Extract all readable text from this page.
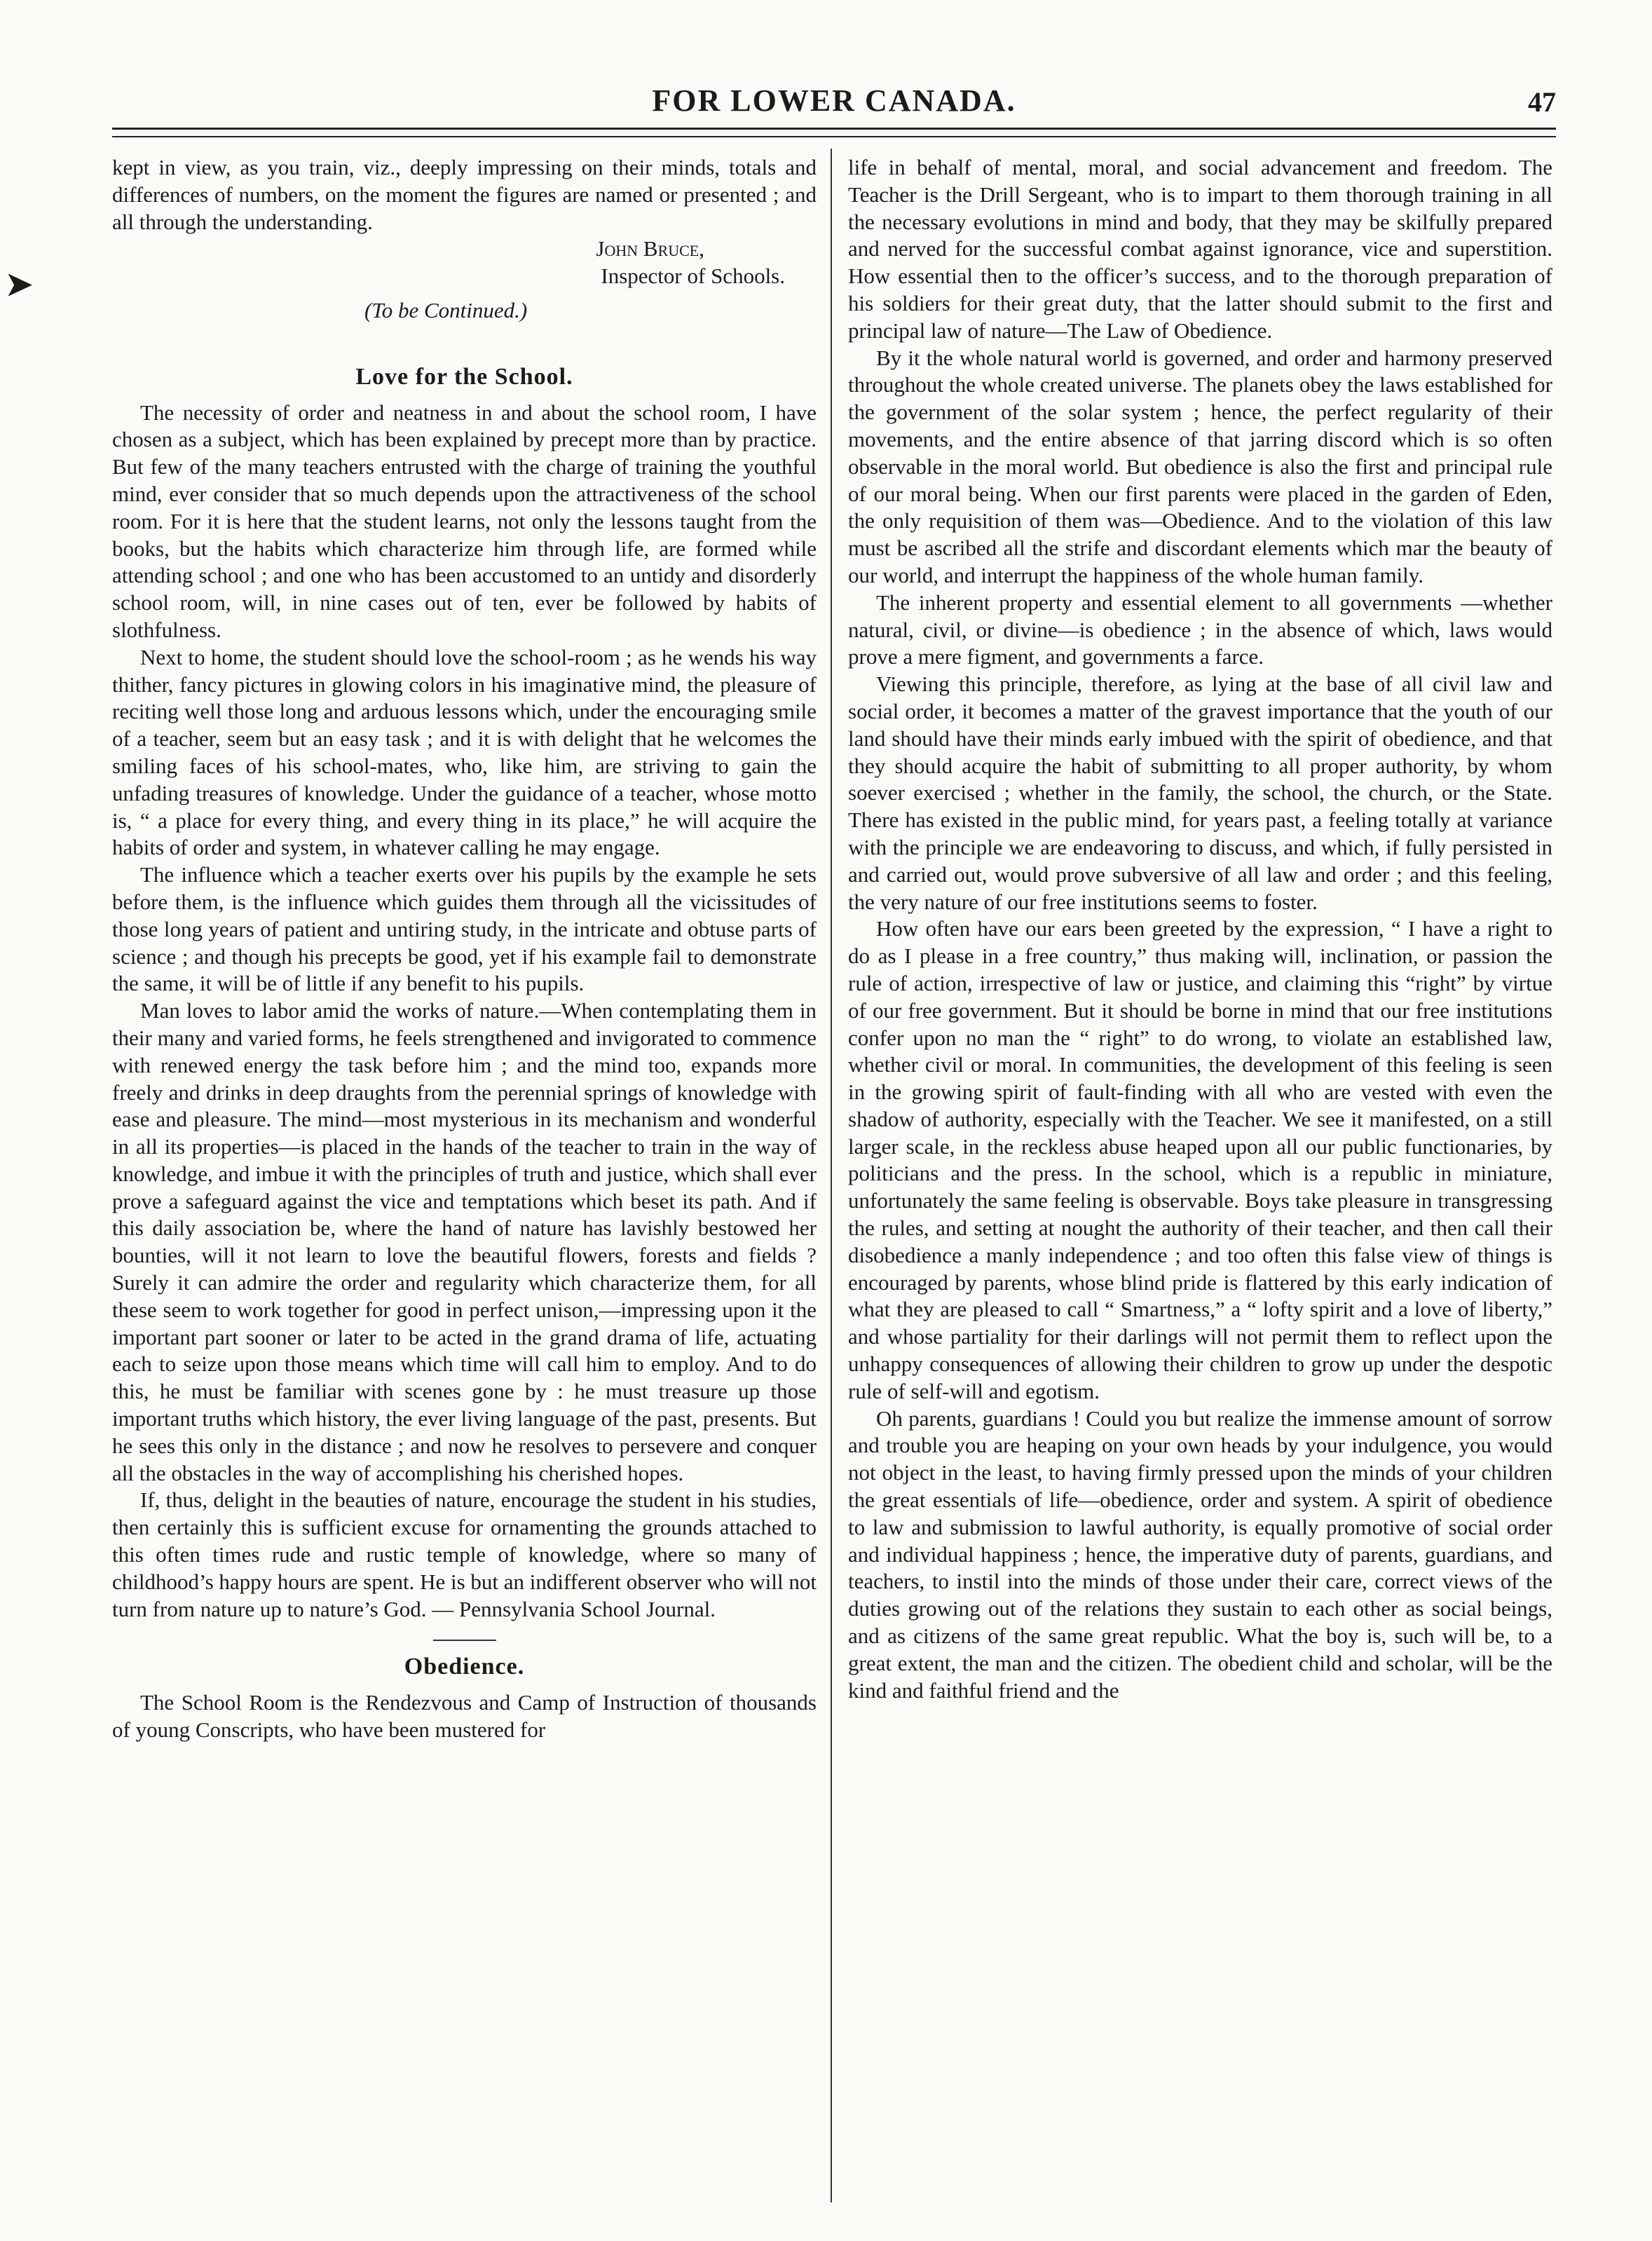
FOR LOWER CANADA.	47
➤

kept in view, as you train, viz., deeply impressing on their minds, totals and differences of numbers, on the moment the figures are named or presented ; and all through the understanding.

John Bruce,
Inspector of Schools.
(To be Continued.)
Love for the School.

The necessity of order and neatness in and about the school room, I have chosen as a subject, which has been explained by precept more than by practice. But few of the many teachers entrusted with the charge of training the youthful mind, ever consider that so much depends upon the attractiveness of the school room. For it is here that the student learns, not only the lessons taught from the books, but the habits which characterize him through life, are formed while attending school ; and one who has been accustomed to an untidy and disorderly school room, will, in nine cases out of ten, ever be followed by habits of slothfulness.

Next to home, the student should love the school-room ; as he wends his way thither, fancy pictures in glowing colors in his imaginative mind, the pleasure of reciting well those long and arduous lessons which, under the encouraging smile of a teacher, seem but an easy task ; and it is with delight that he welcomes the smiling faces of his school-mates, who, like him, are striving to gain the unfading treasures of knowledge. Under the guidance of a teacher, whose motto is, “ a place for every thing, and every thing in its place,” he will acquire the habits of order and system, in whatever calling he may engage.

The influence which a teacher exerts over his pupils by the example he sets before them, is the influence which guides them through all the vicissitudes of those long years of patient and untiring study, in the intricate and obtuse parts of science ; and though his precepts be good, yet if his example fail to demonstrate the same, it will be of little if any benefit to his pupils.

Man loves to labor amid the works of nature.—When contemplating them in their many and varied forms, he feels strengthened and invigorated to commence with renewed energy the task before him ; and the mind too, expands more freely and drinks in deep draughts from the perennial springs of knowledge with ease and pleasure. The mind—most mysterious in its mechanism and wonderful in all its properties—is placed in the hands of the teacher to train in the way of knowledge, and imbue it with the principles of truth and justice, which shall ever prove a safeguard against the vice and temptations which beset its path. And if this daily association be, where the hand of nature has lavishly bestowed her bounties, will it not learn to love the beautiful flowers, forests and fields ? Surely it can admire the order and regularity which characterize them, for all these seem to work together for good in perfect unison,—impressing upon it the important part sooner or later to be acted in the grand drama of life, actuating each to seize upon those means which time will call him to employ. And to do this, he must be familiar with scenes gone by : he must treasure up those important truths which history, the ever living language of the past, presents. But he sees this only in the distance ; and now he resolves to persevere and conquer all the obstacles in the way of accomplishing his cherished hopes.

If, thus, delight in the beauties of nature, encourage the student in his studies, then certainly this is sufficient excuse for ornamenting the grounds attached to this often times rude and rustic temple of knowledge, where so many of childhood’s happy hours are spent. He is but an indifferent observer who will not turn from nature up to nature’s God. — Pennsylvania School Journal.

Obedience.

The School Room is the Rendezvous and Camp of Instruction of thousands of young Conscripts, who have been mustered for

life in behalf of mental, moral, and social advancement and freedom. The Teacher is the Drill Sergeant, who is to impart to them thorough training in all the necessary evolutions in mind and body, that they may be skilfully prepared and nerved for the successful combat against ignorance, vice and superstition. How essential then to the officer’s success, and to the thorough preparation of his soldiers for their great duty, that the latter should submit to the first and principal law of nature—The Law of Obedience.

By it the whole natural world is governed, and order and harmony preserved throughout the whole created universe. The planets obey the laws established for the government of the solar system ; hence, the perfect regularity of their movements, and the entire absence of that jarring discord which is so often observable in the moral world. But obedience is also the first and principal rule of our moral being. When our first parents were placed in the garden of Eden, the only requisition of them was—Obedience. And to the violation of this law must be ascribed all the strife and discordant elements which mar the beauty of our world, and interrupt the happiness of the whole human family.

The inherent property and essential element to all governments —whether natural, civil, or divine—is obedience ; in the absence of which, laws would prove a mere figment, and governments a farce.

Viewing this principle, therefore, as lying at the base of all civil law and social order, it becomes a matter of the gravest importance that the youth of our land should have their minds early imbued with the spirit of obedience, and that they should acquire the habit of submitting to all proper authority, by whom soever exercised ; whether in the family, the school, the church, or the State. There has existed in the public mind, for years past, a feeling totally at variance with the principle we are endeavoring to discuss, and which, if fully persisted in and carried out, would prove subversive of all law and order ; and this feeling, the very nature of our free institutions seems to foster.

How often have our ears been greeted by the expression, “ I have a right to do as I please in a free country,” thus making will, inclination, or passion the rule of action, irrespective of law or justice, and claiming this “right” by virtue of our free government. But it should be borne in mind that our free institutions confer upon no man the “ right” to do wrong, to violate an established law, whether civil or moral. In communities, the development of this feeling is seen in the growing spirit of fault-finding with all who are vested with even the shadow of authority, especially with the Teacher. We see it manifested, on a still larger scale, in the reckless abuse heaped upon all our public functionaries, by politicians and the press. In the school, which is a republic in miniature, unfortunately the same feeling is observable. Boys take pleasure in transgressing the rules, and setting at nought the authority of their teacher, and then call their disobedience a manly independence ; and too often this false view of things is encouraged by parents, whose blind pride is flattered by this early indication of what they are pleased to call “ Smartness,” a “ lofty spirit and a love of liberty,” and whose partiality for their darlings will not permit them to reflect upon the unhappy consequences of allowing their children to grow up under the despotic rule of self-will and egotism.

Oh parents, guardians ! Could you but realize the immense amount of sorrow and trouble you are heaping on your own heads by your indulgence, you would not object in the least, to having firmly pressed upon the minds of your children the great essentials of life—obedience, order and system. A spirit of obedience to law and submission to lawful authority, is equally promotive of social order and individual happiness ; hence, the imperative duty of parents, guardians, and teachers, to instil into the minds of those under their care, correct views of the duties growing out of the relations they sustain to each other as social beings, and as citizens of the same great republic. What the boy is, such will be, to a great extent, the man and the citizen. The obedient child and scholar, will be the kind and faithful friend and the
